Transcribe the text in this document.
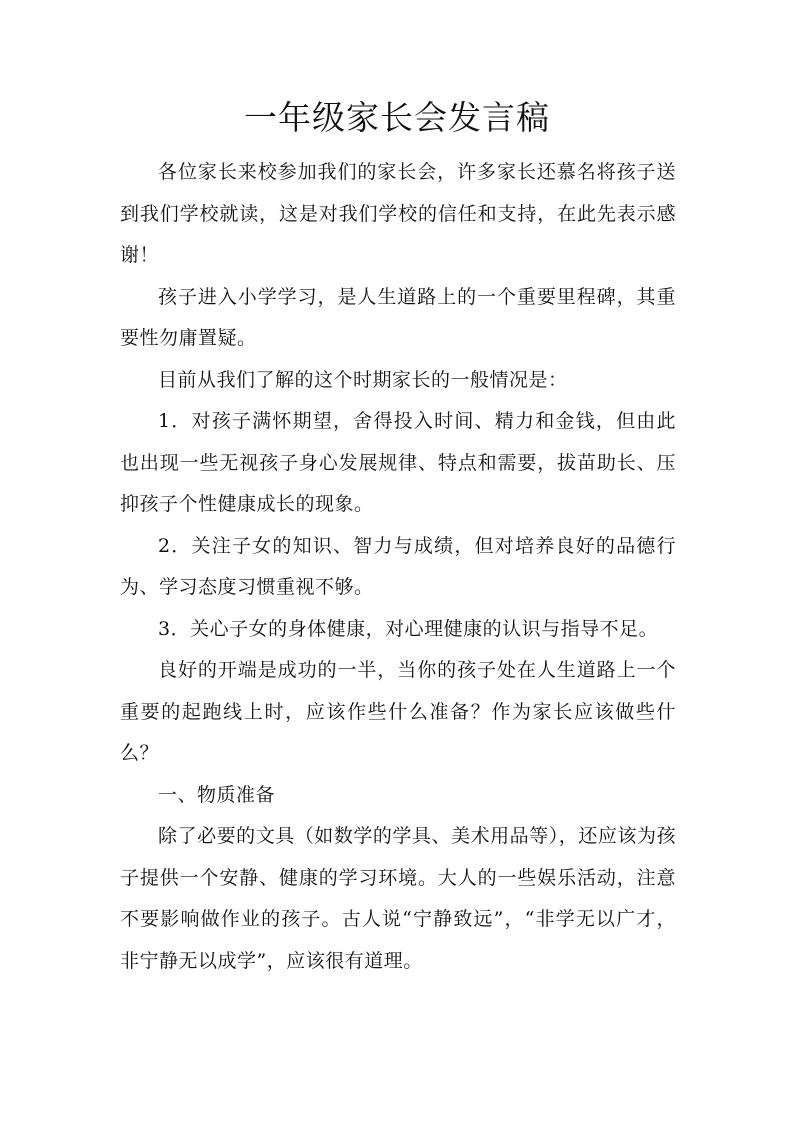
一年级家长会发言稿

各位家长来校参加我们的家长会，许多家长还慕名将孩子送到我们学校就读，这是对我们学校的信任和支持，在此先表示感谢！

孩子进入小学学习，是人生道路上的一个重要里程碑，其重要性勿庸置疑。

目前从我们了解的这个时期家长的一般情况是：

1．对孩子满怀期望，舍得投入时间、精力和金钱，但由此也出现一些无视孩子身心发展规律、特点和需要，拔苗助长、压抑孩子个性健康成长的现象。

2．关注子女的知识、智力与成绩，但对培养良好的品德行为、学习态度习惯重视不够。

3．关心子女的身体健康，对心理健康的认识与指导不足。

良好的开端是成功的一半，当你的孩子处在人生道路上一个重要的起跑线上时，应该作些什么准备？作为家长应该做些什么？

一、物质准备

除了必要的文具（如数学的学具、美术用品等），还应该为孩子提供一个安静、健康的学习环境。大人的一些娱乐活动，注意不要影响做作业的孩子。古人说“宁静致远”，“非学无以广才，非宁静无以成学”，应该很有道理。
